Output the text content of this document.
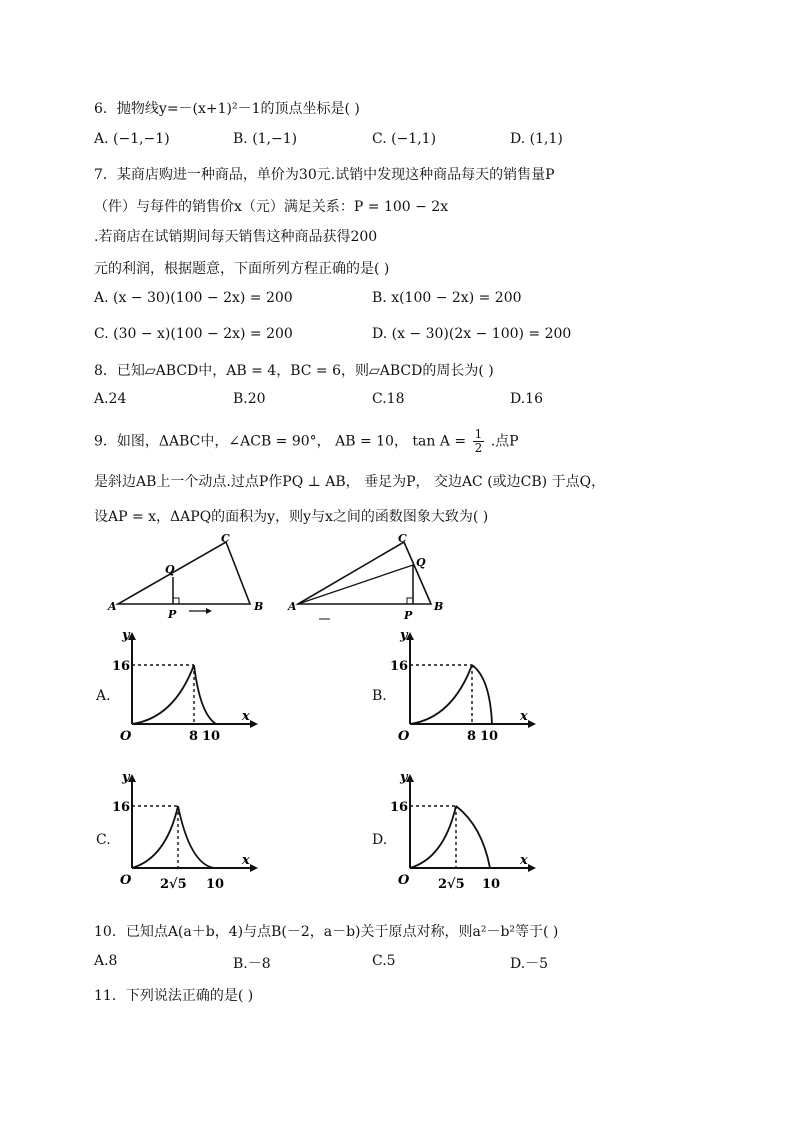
6．抛物线y=－(x+1)²－1的顶点坐标是( )
A. (−1,−1)	B. (1,−1)	C. (−1,1)	D. (1,1)
7．某商店购进一种商品，单价为30元.试销中发现这种商品每天的销售量P
（件）与每件的销售价x（元）满足关系：P = 100 − 2x
.若商店在试销期间每天销售这种商品获得200
元的利润，根据题意，下面所列方程正确的是( )
A. (x − 30)(100 − 2x) = 200	B. x(100 − 2x) = 200
C. (30 − x)(100 − 2x) = 200	D. (x − 30)(2x − 100) = 200
8．已知▱ABCD中，AB = 4，BC = 6，则▱ABCD的周长为( )
A.24	B.20	C.18	D.16
9．如图，ΔABC中，∠ACB = 90°， AB = 10， $\tan A = \frac{1}{2}$ .点P
是斜边AB上一个动点.过点P作PQ ⊥ AB， 垂足为P， 交边AC (或边CB) 于点Q，
设AP = x，ΔAPQ的面积为y，则y与x之间的函数图象大致为( )
A	B
C
Q
P
A	B
C
Q
P
A.	B.
C.	D.
y
x
O
16
8 10
y
x
O
16
8 10
y
x
O
16
2√5 10
y
x
O
16
2√5 10
10．已知点A(a＋b，4)与点B(－2，a－b)关于原点对称，则a²－b²等于( )
A.8	B.－8	C.5	D.－5
11．下列说法正确的是( )
